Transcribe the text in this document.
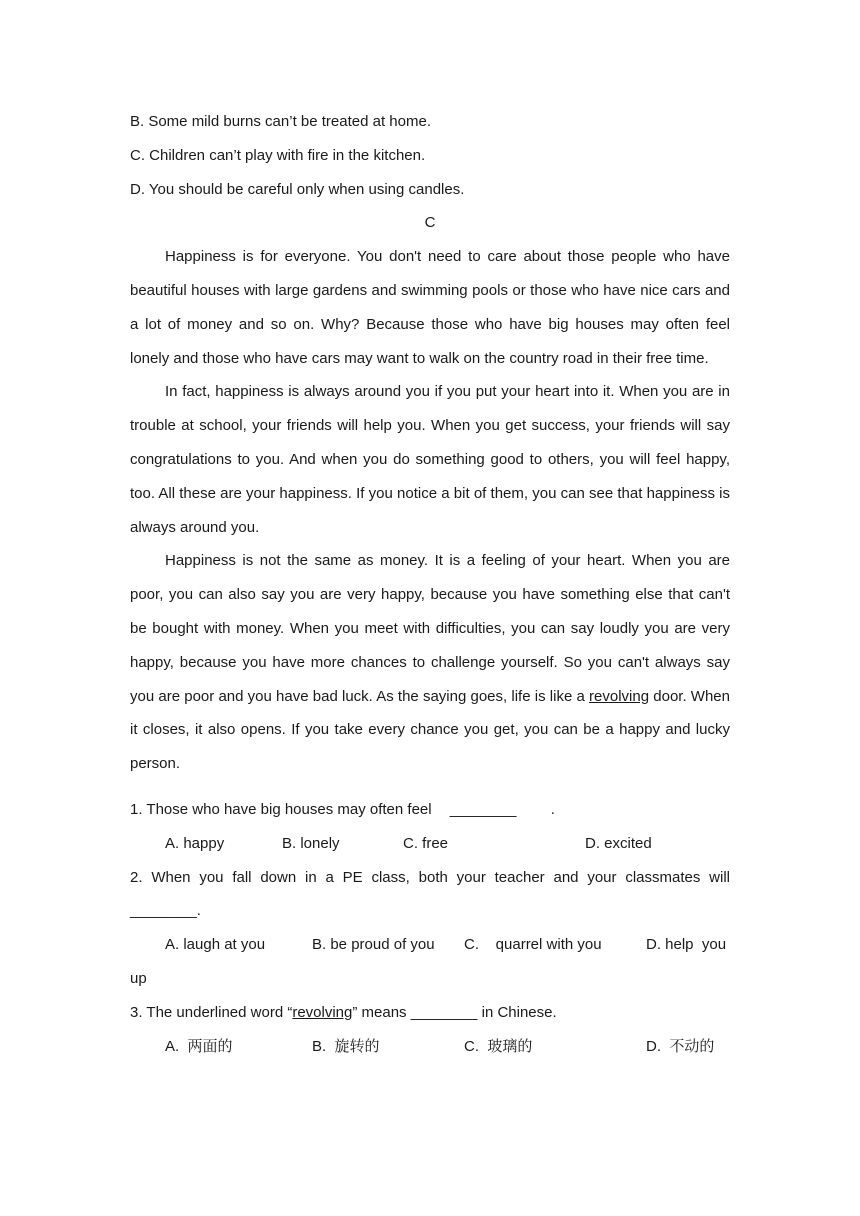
B. Some mild burns can’t be treated at home.
C. Children can’t play with fire in the kitchen.
D. You should be careful only when using candles.
C

Happiness is for everyone. You don't need to care about those people who have beautiful houses with large gardens and swimming pools or those who have nice cars and a lot of money and so on. Why? Because those who have big houses may often feel lonely and those who have cars may want to walk on the country road in their free time.

In fact, happiness is always around you if you put your heart into it. When you are in trouble at school, your friends will help you. When you get success, your friends will say congratulations to you. And when you do something good to others, you will feel happy, too. All these are your happiness. If you notice a bit of them, you can see that happiness is always around you.

Happiness is not the same as money. It is a feeling of your heart. When you are poor, you can also say you are very happy, because you have something else that can't be bought with money. When you meet with difficulties, you can say loudly you are very happy, because you have more chances to challenge yourself. So you can't always say you are poor and you have bad luck. As the saying goes, life is like a revolving door. When it closes, it also opens. If you take every chance you get, you can be a happy and lucky person.

1. Those who have big houses may often feel ________ .
A. happy	B. lonely	C. free	D. excited
2. When you fall down in a PE class, both your teacher and your classmates will
________.
A. laugh at you	B. be proud of you	C.    quarrel with you	D. help  you
up
3. The underlined word “revolving” means ________ in Chinese.
A.  两面的	B.  旋转的	C.  玻璃的	D.  不动的
